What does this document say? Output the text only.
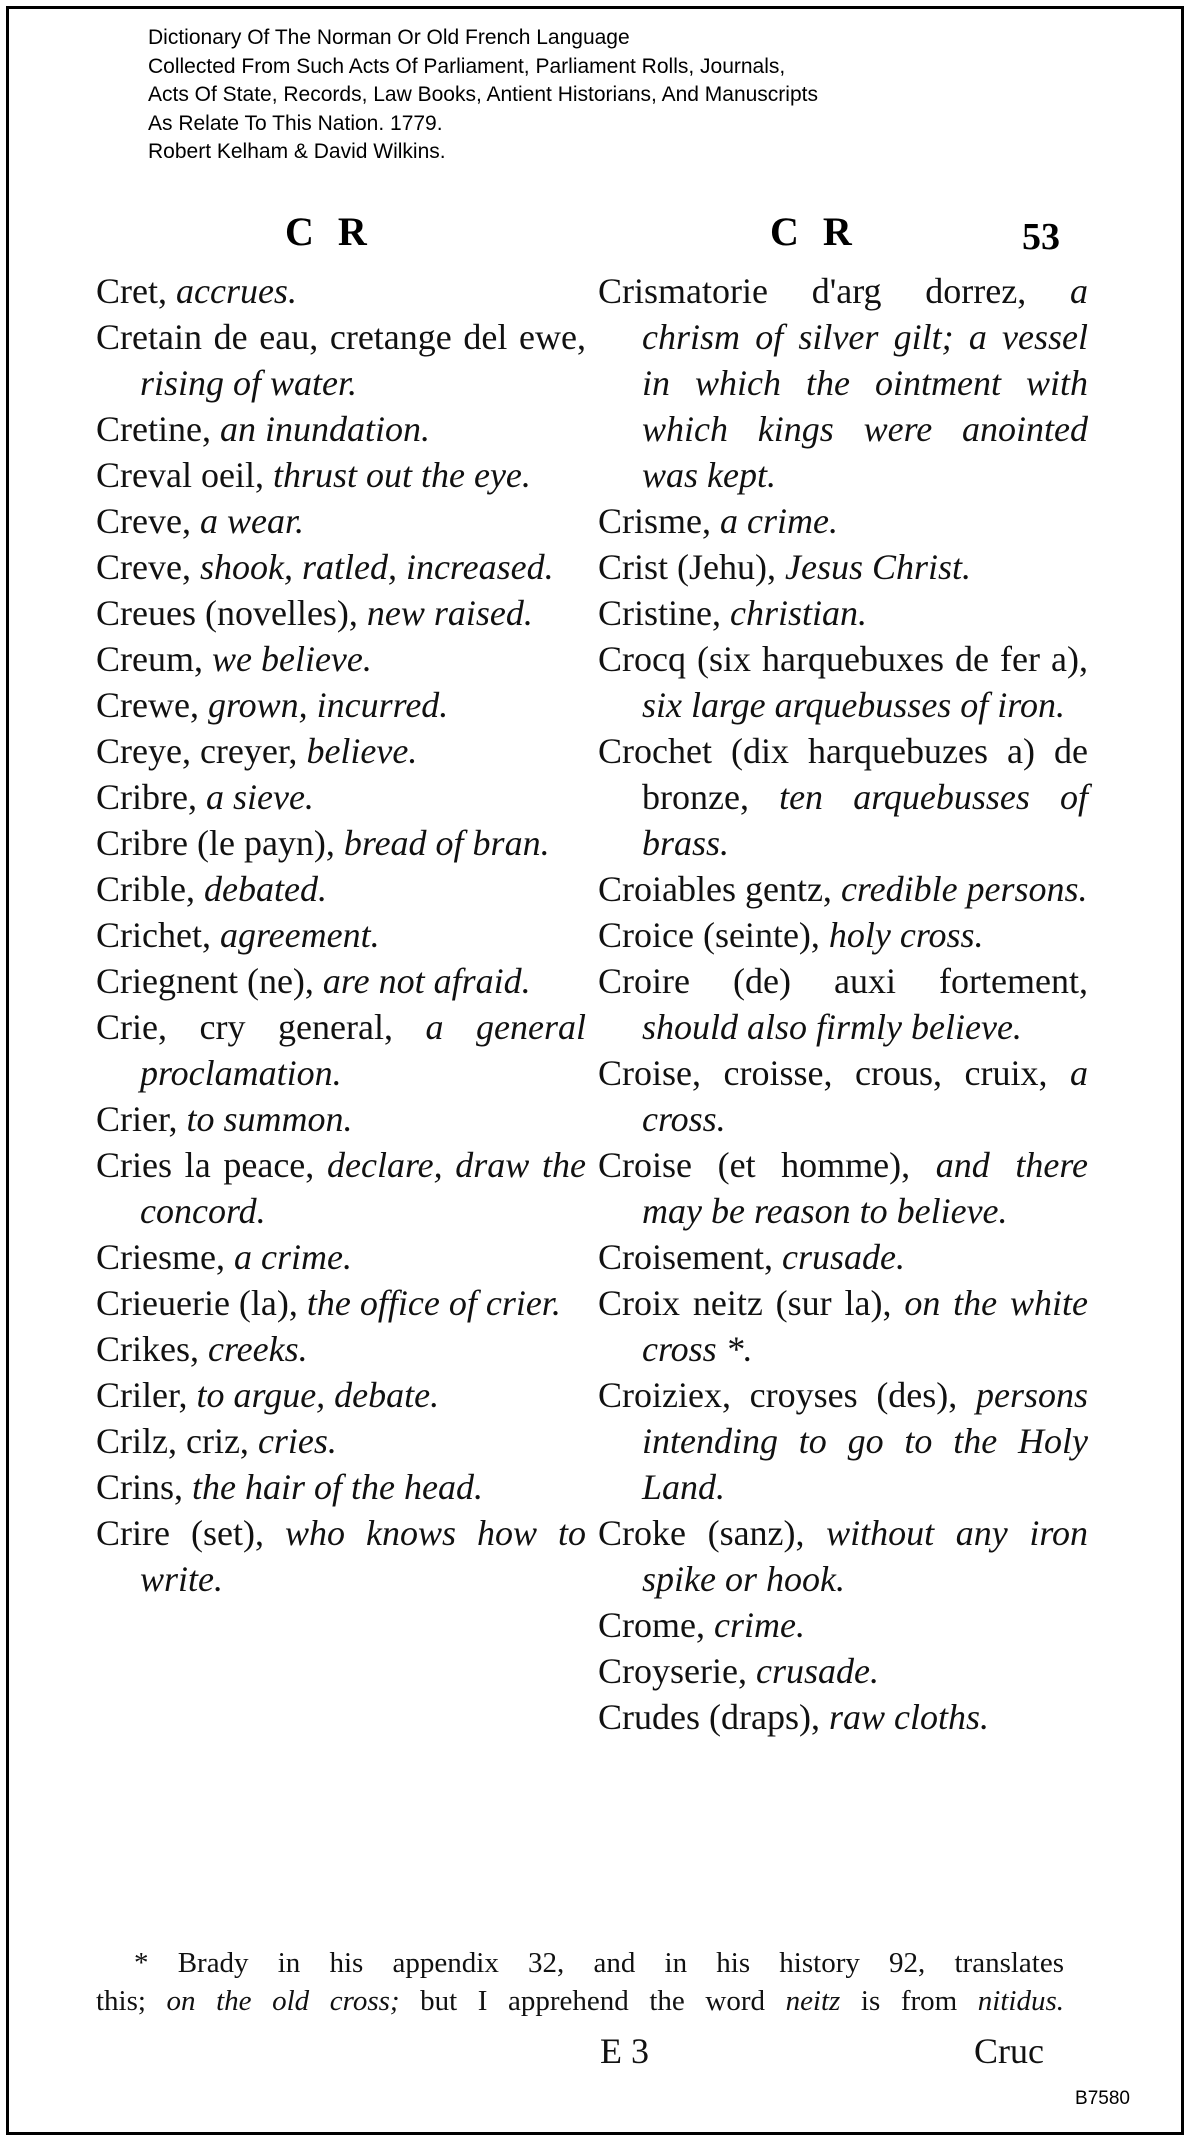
Dictionary Of The Norman Or Old French Language
Collected From Such Acts Of Parliament, Parliament Rolls, Journals,
Acts Of State, Records, Law Books, Antient Historians, And Manuscripts
As Relate To This Nation. 1779.
Robert Kelham & David Wilkins.
C R	C R	53

Cret, accrues.

Cretain de eau, cretange del ewe, rising of water.

Cretine, an inundation.

Creval oeil, thrust out the eye.

Creve, a wear.

Creve, shook, ratled, increased.

Creues (novelles), new raised.

Creum, we believe.

Crewe, grown, incurred.

Creye, creyer, believe.

Cribre, a sieve.

Cribre (le payn), bread of bran.

Crible, debated.

Crichet, agreement.

Criegnent (ne), are not afraid.

Crie, cry general, a general proclamation.

Crier, to summon.

Cries la peace, declare, draw the concord.

Criesme, a crime.

Crieuerie (la), the office of crier.

Crikes, creeks.

Criler, to argue, debate.

Crilz, criz, cries.

Crins, the hair of the head.

Crire (set), who knows how to write.

Crismatorie d'arg dorrez, a chrism of silver gilt; a vessel in which the ointment with which kings were anointed was kept.

Crisme, a crime.

Crist (Jehu), Jesus Christ.

Cristine, christian.

Crocq (six harquebuxes de fer a), six large arquebusses of iron.

Crochet (dix harquebuzes a) de bronze, ten arquebusses of brass.

Croiables gentz, credible persons.

Croice (seinte), holy cross.

Croire (de) auxi fortement, should also firmly believe.

Croise, croisse, crous, cruix, a cross.

Croise (et homme), and there may be reason to believe.

Croisement, crusade.

Croix neitz (sur la), on the white cross *.

Croiziex, croyses (des), persons intending to go to the Holy Land.

Croke (sanz), without any iron spike or hook.

Crome, crime.

Croyserie, crusade.

Crudes (draps), raw cloths.

* Brady in his appendix 32, and in his history 92, translates
this; on the old cross; but I apprehend the word neitz is from nitidus.
E 3	Cruc
B7580
